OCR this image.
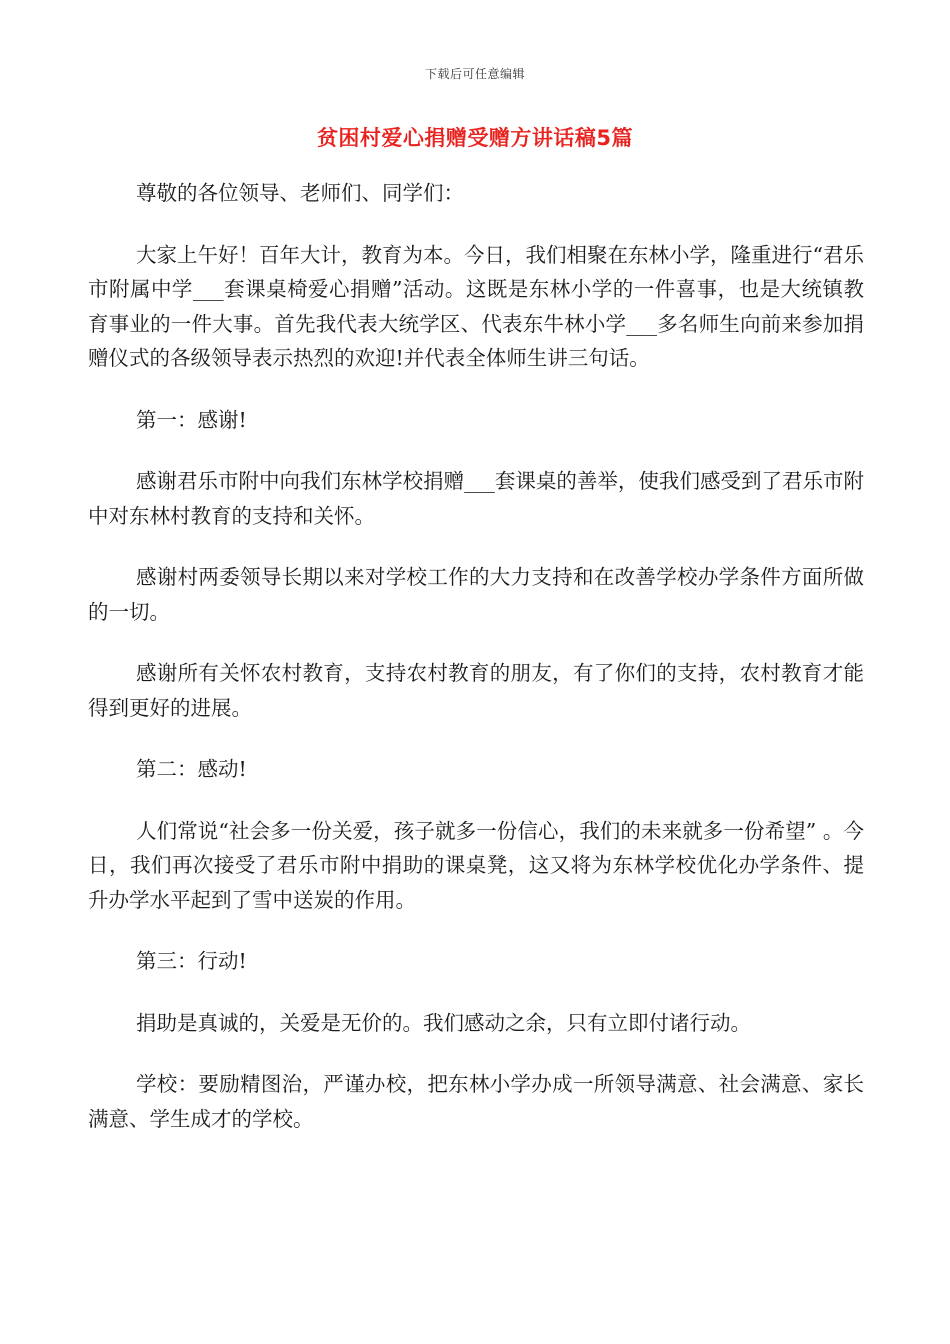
下载后可任意编辑
贫困村爱心捐赠受赠方讲话稿5篇

尊敬的各位领导、老师们、同学们：

大家上午好！百年大计，教育为本。今日，我们相聚在东林小学，隆重进行“君乐市附属中学___套课桌椅爱心捐赠”活动。这既是东林小学的一件喜事，也是大统镇教育事业的一件大事。首先我代表大统学区、代表东牛林小学___多名师生向前来参加捐赠仪式的各级领导表示热烈的欢迎!并代表全体师生讲三句话。

第一：感谢!

感谢君乐市附中向我们东林学校捐赠___套课桌的善举，使我们感受到了君乐市附中对东林村教育的支持和关怀。

感谢村两委领导长期以来对学校工作的大力支持和在改善学校办学条件方面所做的一切。

感谢所有关怀农村教育，支持农村教育的朋友，有了你们的支持，农村教育才能得到更好的进展。

第二：感动!

人们常说“社会多一份关爱，孩子就多一份信心，我们的未来就多一份希望” 。今日，我们再次接受了君乐市附中捐助的课桌凳，这又将为东林学校优化办学条件、提升办学水平起到了雪中送炭的作用。

第三：行动!

捐助是真诚的，关爱是无价的。我们感动之余，只有立即付诸行动。

学校：要励精图治，严谨办校，把东林小学办成一所领导满意、社会满意、家长满意、学生成才的学校。
